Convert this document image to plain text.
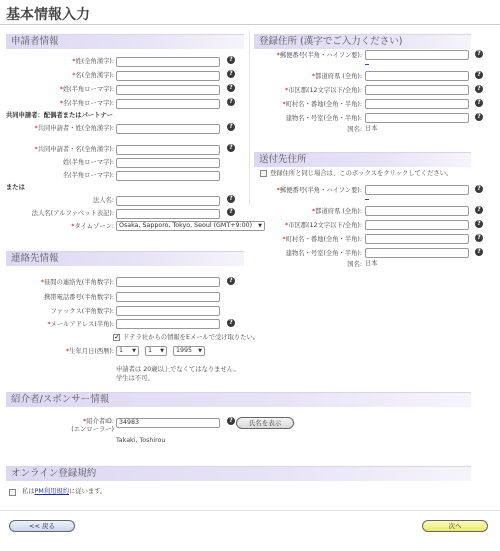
基本情報入力
申請者情報
*姓(全角漢字):	?
*名(全角漢字):	?
*姓(半角ローマ字):	?
*名(半角ローマ字):	?
共同申請者：配偶者またはパートナー
*共同申請者・姓(全角漢字):	?
*共同申請者・名(全角漢字):	?
姓(半角ローマ字):
名(半角ローマ字):
または
法人名:	?
法人名(アルファベット表記):	?
*タイムゾーン: Osaka, Sapporo, Tokyo, Seoul (GMT+9:00) ▼
登録住所 (漢字でご入力ください)
*郵便番号(半角・ハイフン要):	?
*都道府県 (全角):	?
*市区郡(12文字以下/全角):	?
*町村名・番地(全角・半角):	?
建物名・号室(全角・半角):	?
国名: 日本
送付先住所
登録住所と同じ場合は、このボックスをクリックしてください。
*郵便番号(半角・ハイフン要):	?
*都道府県 (全角):	?
*市区郡(12文字以下/全角):	?
*町村名・番地(全角・半角):	?
建物名・号室(全角・半角):	?
国名: 日本
連絡先情報
*昼間の連絡先(半角数字):	?
携帯電話番号(半角数字):
ファックス(半角数字):
*メールアドレス(半角):	?
✓
ドテラ社からの情報をEメールで受け取りたい。
*生年月日(西暦): 1 ▼	1 ▼	1995 ▼
申請者は 20歳以上でなくてはなりません。
学生は不可。
紹介者/スポンサー情報
*紹介者ID:
(エンローラー)
34983	?	氏名を表示
Takaki, Toshirou
オンライン登録規約
私はPM利用規約に従います。
<< 戻る	次へ
